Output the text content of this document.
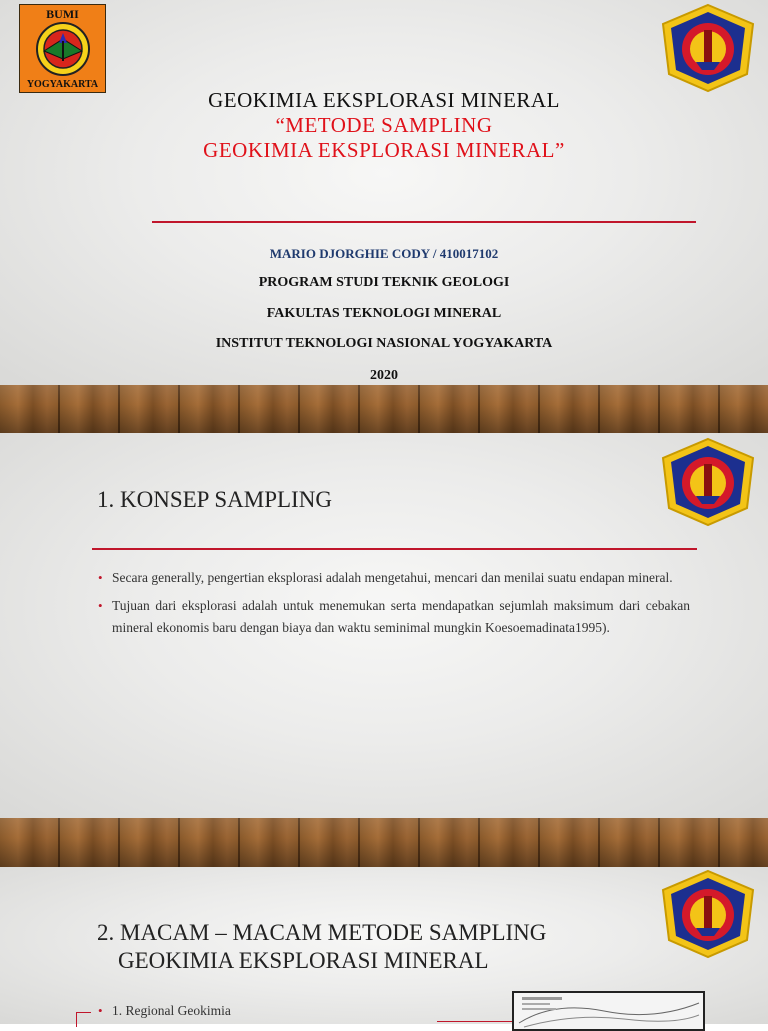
BUMI
YOGYAKARTA
GEOKIMIA EKSPLORASI MINERAL
“METODE SAMPLING
GEOKIMIA EKSPLORASI MINERAL”
MARIO DJORGHIE CODY / 410017102
PROGRAM STUDI TEKNIK GEOLOGI
FAKULTAS TEKNOLOGI MINERAL
INSTITUT TEKNOLOGI NASIONAL YOGYAKARTA
2020
1. KONSEP SAMPLING
• Secara generally, pengertian eksplorasi adalah mengetahui, mencari dan menilai suatu endapan mineral.
• Tujuan dari eksplorasi adalah untuk menemukan serta mendapatkan sejumlah maksimum dari cebakan mineral ekonomis baru dengan biaya dan waktu seminimal mungkin Koesoemadinata1995).
2. MACAM – MACAM METODE SAMPLING
GEOKIMIA EKSPLORASI MINERAL
• 1. Regional Geokimia
